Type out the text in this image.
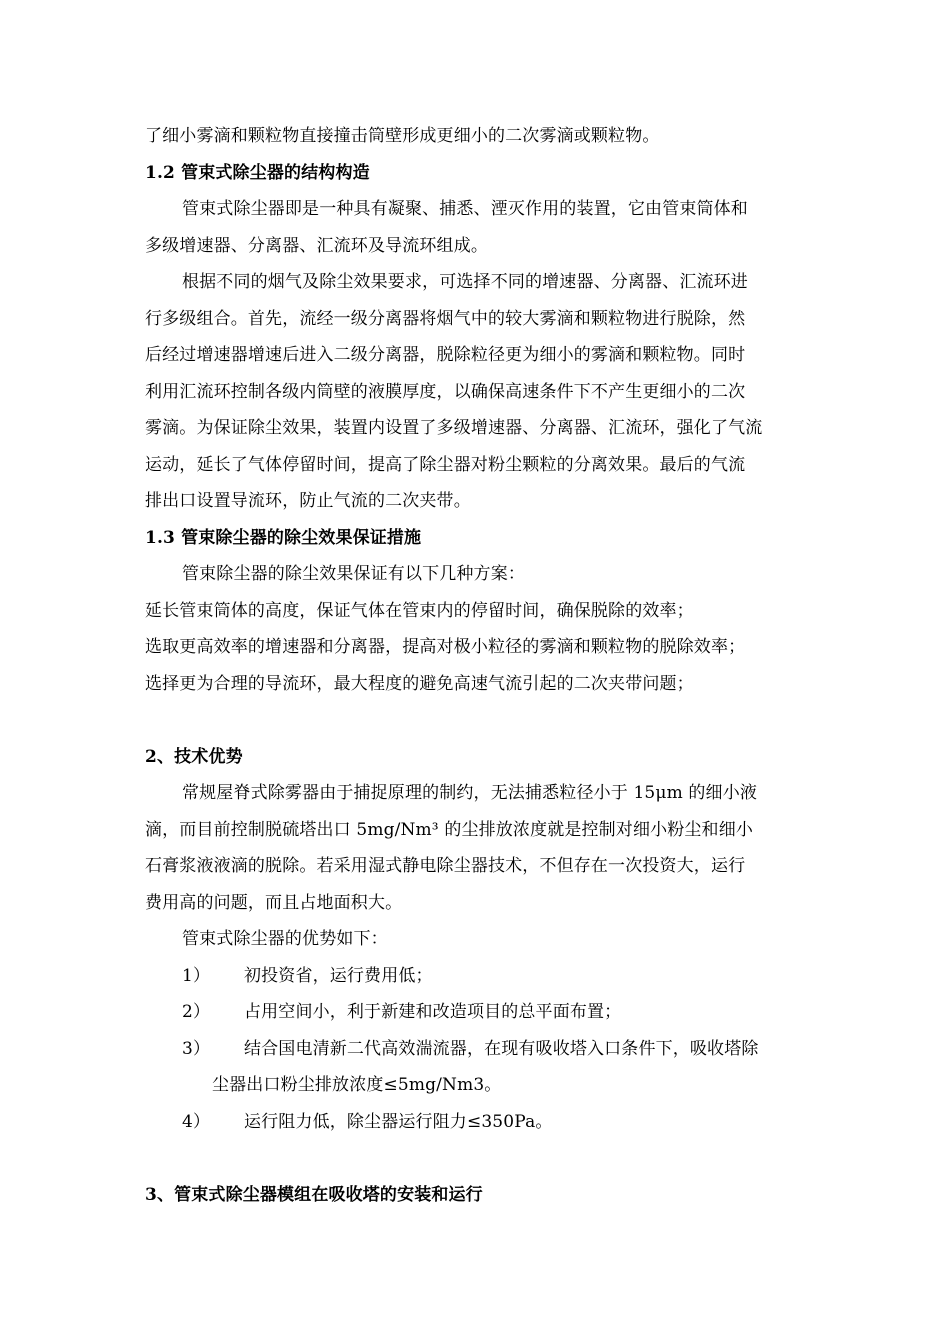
了细小雾滴和颗粒物直接撞击筒壁形成更细小的二次雾滴或颗粒物。
1.2 管束式除尘器的结构构造
管束式除尘器即是一种具有凝聚、捕悉、湮灭作用的装置，它由管束筒体和
多级增速器、分离器、汇流环及导流环组成。
根据不同的烟气及除尘效果要求，可选择不同的增速器、分离器、汇流环进
行多级组合。首先，流经一级分离器将烟气中的较大雾滴和颗粒物进行脱除，然
后经过增速器增速后进入二级分离器，脱除粒径更为细小的雾滴和颗粒物。同时
利用汇流环控制各级内筒壁的液膜厚度，以确保高速条件下不产生更细小的二次
雾滴。为保证除尘效果，装置内设置了多级增速器、分离器、汇流环，强化了气流
运动，延长了气体停留时间，提高了除尘器对粉尘颗粒的分离效果。最后的气流
排出口设置导流环，防止气流的二次夹带。
1.3 管束除尘器的除尘效果保证措施
管束除尘器的除尘效果保证有以下几种方案：
延长管束筒体的高度，保证气体在管束内的停留时间，确保脱除的效率；
选取更高效率的增速器和分离器，提高对极小粒径的雾滴和颗粒物的脱除效率；
选择更为合理的导流环，最大程度的避免高速气流引起的二次夹带问题；
2、技术优势
常规屋脊式除雾器由于捕捉原理的制约，无法捕悉粒径小于 15μm 的细小液
滴，而目前控制脱硫塔出口 5mg/Nm³ 的尘排放浓度就是控制对细小粉尘和细小
石膏浆液液滴的脱除。若采用湿式静电除尘器技术，不但存在一次投资大，运行
费用高的问题，而且占地面积大。
管束式除尘器的优势如下：
1）	初投资省，运行费用低；
2）	占用空间小，利于新建和改造项目的总平面布置；
3）	结合国电清新二代高效湍流器，在现有吸收塔入口条件下，吸收塔除
尘器出口粉尘排放浓度≤5mg/Nm3。
4）	运行阻力低，除尘器运行阻力≤350Pa。
3、管束式除尘器模组在吸收塔的安装和运行
